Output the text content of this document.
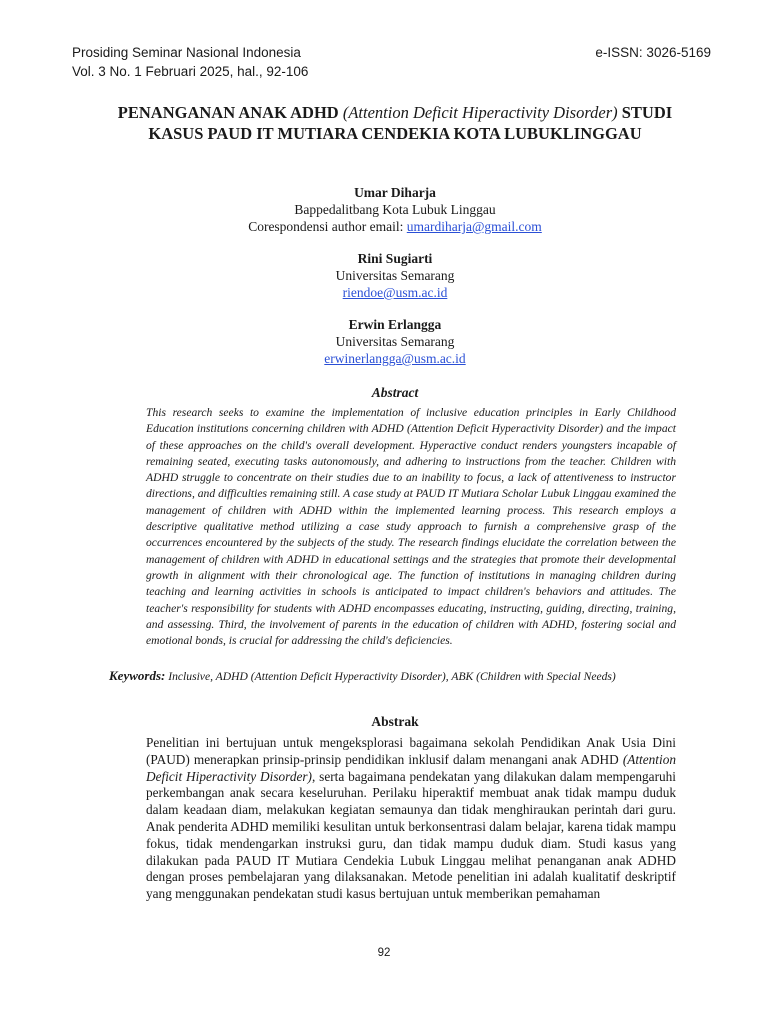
Prosiding Seminar Nasional Indonesia
Vol. 3 No. 1 Februari 2025, hal., 92-106
e-ISSN: 3026-5169
PENANGANAN ANAK ADHD (Attention Deficit Hiperactivity Disorder) STUDI KASUS PAUD IT MUTIARA CENDEKIA KOTA LUBUKLINGGAU
Umar Diharja
Bappedalitbang Kota Lubuk Linggau
Corespondensi author email: umardiharja@gmail.com
Rini Sugiarti
Universitas Semarang
riendoe@usm.ac.id
Erwin Erlangga
Universitas Semarang
erwinerlangga@usm.ac.id
Abstract
This research seeks to examine the implementation of inclusive education principles in Early Childhood Education institutions concerning children with ADHD (Attention Deficit Hyperactivity Disorder) and the impact of these approaches on the child's overall development. Hyperactive conduct renders youngsters incapable of remaining seated, executing tasks autonomously, and adhering to instructions from the teacher. Children with ADHD struggle to concentrate on their studies due to an inability to focus, a lack of attentiveness to instructor directions, and difficulties remaining still. A case study at PAUD IT Mutiara Scholar Lubuk Linggau examined the management of children with ADHD within the implemented learning process. This research employs a descriptive qualitative method utilizing a case study approach to furnish a comprehensive grasp of the occurrences encountered by the subjects of the study. The research findings elucidate the correlation between the management of children with ADHD in educational settings and the strategies that promote their developmental growth in alignment with their chronological age. The function of institutions in managing children during teaching and learning activities in schools is anticipated to impact children's behaviors and attitudes. The teacher's responsibility for students with ADHD encompasses educating, instructing, guiding, directing, training, and assessing. Third, the involvement of parents in the education of children with ADHD, fostering social and emotional bonds, is crucial for addressing the child's deficiencies.
Keywords: Inclusive, ADHD (Attention Deficit Hyperactivity Disorder), ABK (Children with Special Needs)
Abstrak
Penelitian ini bertujuan untuk mengeksplorasi bagaimana sekolah Pendidikan Anak Usia Dini (PAUD) menerapkan prinsip-prinsip pendidikan inklusif dalam menangani anak ADHD (Attention Deficit Hiperactivity Disorder), serta bagaimana pendekatan yang dilakukan dalam mempengaruhi perkembangan anak secara keseluruhan. Perilaku hiperaktif membuat anak tidak mampu duduk dalam keadaan diam, melakukan kegiatan semaunya dan tidak menghiraukan perintah dari guru. Anak penderita ADHD memiliki kesulitan untuk berkonsentrasi dalam belajar, karena tidak mampu fokus, tidak mendengarkan instruksi guru, dan tidak mampu duduk diam. Studi kasus yang dilakukan pada PAUD IT Mutiara Cendekia Lubuk Linggau melihat penanganan anak ADHD dengan proses pembelajaran yang dilaksanakan. Metode penelitian ini adalah kualitatif deskriptif yang menggunakan pendekatan studi kasus bertujuan untuk memberikan pemahaman
92
